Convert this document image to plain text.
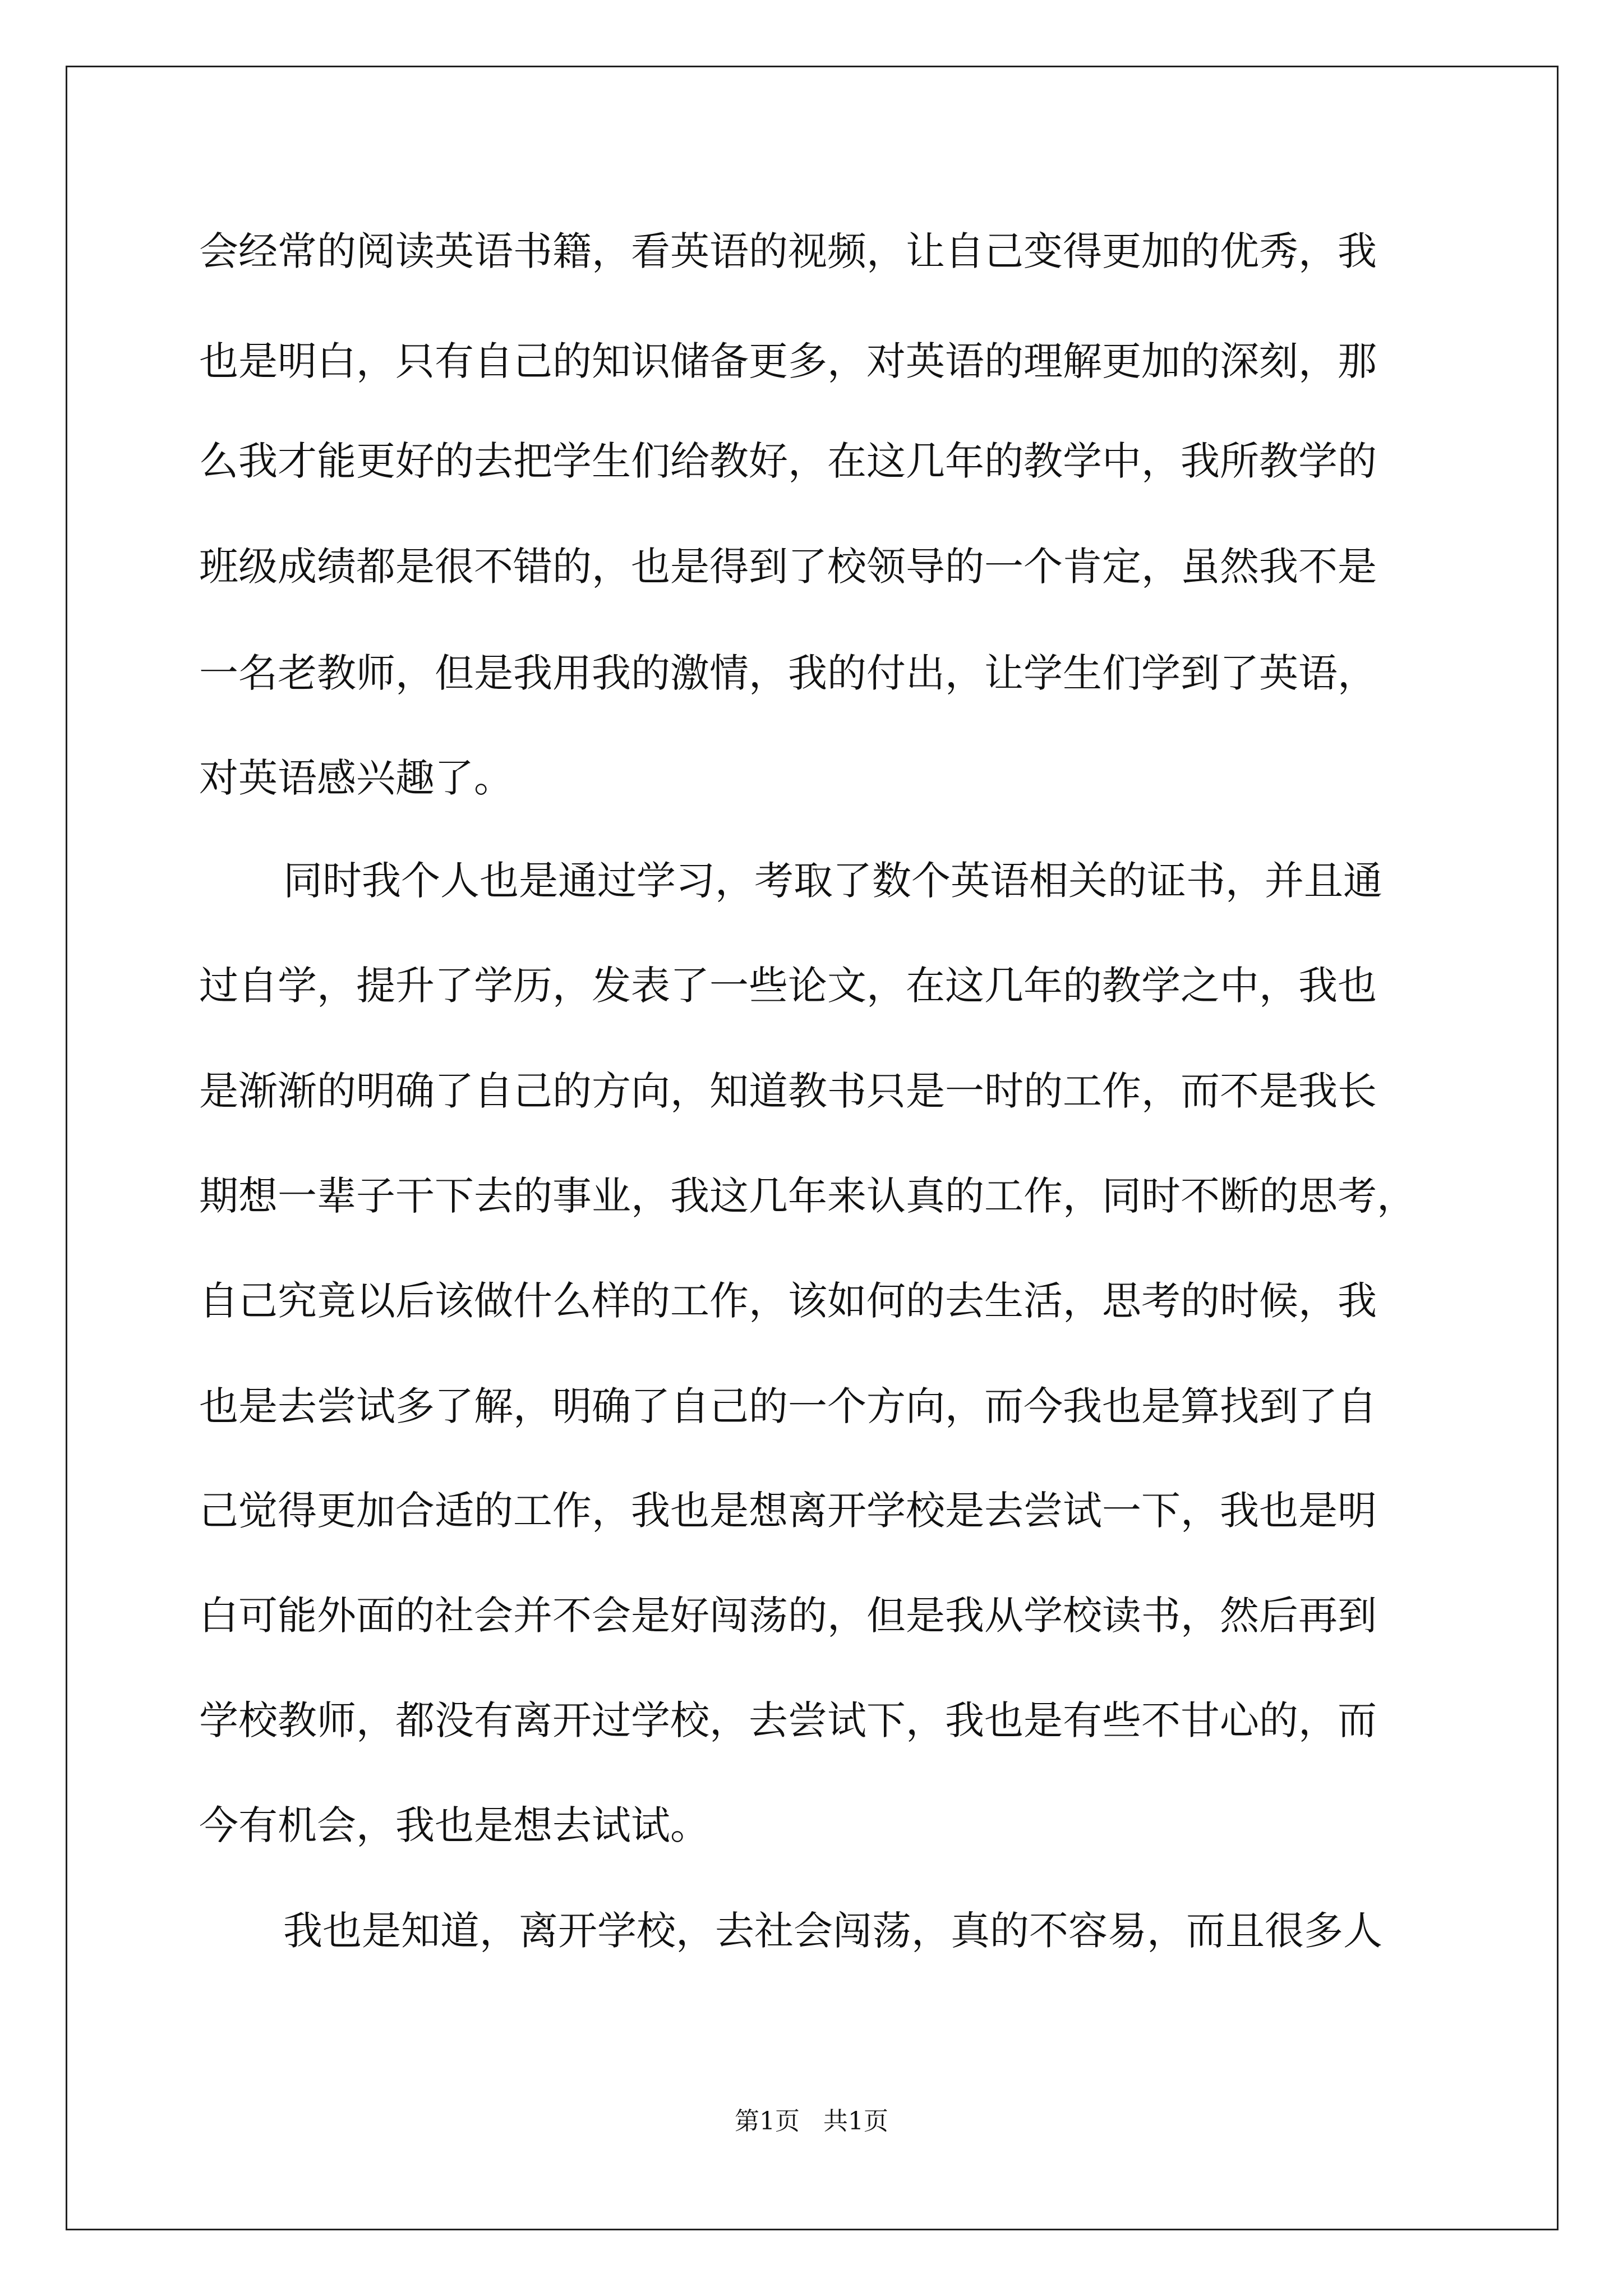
会经常的阅读英语书籍，看英语的视频，让自己变得更加的优秀，我
也是明白，只有自己的知识储备更多，对英语的理解更加的深刻，那
么我才能更好的去把学生们给教好，在这几年的教学中，我所教学的
班级成绩都是很不错的，也是得到了校领导的一个肯定，虽然我不是
一名老教师，但是我用我的激情，我的付出，让学生们学到了英语，
对英语感兴趣了。
同时我个人也是通过学习，考取了数个英语相关的证书，并且通
过自学，提升了学历，发表了一些论文，在这几年的教学之中，我也
是渐渐的明确了自己的方向，知道教书只是一时的工作，而不是我长
期想一辈子干下去的事业，我这几年来认真的工作，同时不断的思考，
自己究竟以后该做什么样的工作，该如何的去生活，思考的时候，我
也是去尝试多了解，明确了自己的一个方向，而今我也是算找到了自
己觉得更加合适的工作，我也是想离开学校是去尝试一下，我也是明
白可能外面的社会并不会是好闯荡的，但是我从学校读书，然后再到
学校教师，都没有离开过学校，去尝试下，我也是有些不甘心的，而
今有机会，我也是想去试试。
我也是知道，离开学校，去社会闯荡，真的不容易，而且很多人
第1页   共1页
